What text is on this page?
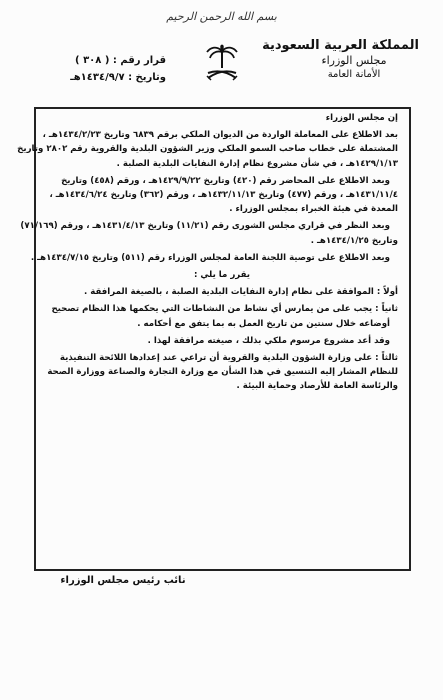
بسم الله الرحمن الرحيم
المملكة العربية السعودية
مجلس الوزراء
الأمانة العامة
قرار رقم : ( ٣٠٨ )
وتاريخ : ١٤٣٤/٩/٧هـ

إن مجلس الوزراء

بعد الاطلاع على المعاملة الواردة من الديوان الملكي برقم ٦٨٣٩ وتاريخ ١٤٣٤/٢/٢٣هـ ،

المشتملة على خطاب صاحب السمو الملكي وزير الشؤون البلدية والقروية رقم ٢٨٠٢ وتاريخ

١٤٢٩/١/١٣هـ ، في شأن مشروع نظام إدارة النفايات البلدية الصلبة .

وبعد الاطلاع على المحاضر رقم (٤٢٠) وتاريخ ١٤٢٩/٩/٢٢هـ ، ورقم (٤٥٨) وتاريخ

١٤٣١/١١/٤هـ ، ورقم (٤٧٧) وتاريخ ١٤٣٢/١١/١٣هـ ، ورقم (٣٦٢) وتاريخ ١٤٣٤/٦/٢٤هـ ،

المعدة في هيئة الخبراء بمجلس الوزراء .

وبعد النظر في قراري مجلس الشورى رقم (١١/٢١) وتاريخ ١٤٣١/٤/١٣هـ ، ورقم (٧١/١٦٩)

وتاريخ ١٤٣٤/١/٢٥هـ .

وبعد الاطلاع على توصية اللجنة العامة لمجلس الوزراء رقم (٥١١) وتاريخ ١٤٣٤/٧/١٥هـ .

يقرر ما يلي :

أولاً : الموافقة على نظام إدارة النفايات البلدية الصلبة ، بالصيغة المرافقة .

ثانياً : يجب على من يمارس أي نشاط من النشاطات التي يحكمها هذا النظام تصحيح

أوضاعه خلال سنتين من تاريخ العمل به بما يتفق مع أحكامه .

وقد أعد مشروع مرسوم ملكي بذلك ، صيغته مرافقة لهذا .

ثالثاً : على وزارة الشؤون البلدية والقروية أن تراعي عند إعدادها اللائحة التنفيذية

للنظام المشار إليه التنسيق في هذا الشأن مع وزارة التجارة والصناعة ووزارة الصحة

والرئاسة العامة للأرصاد وحماية البيئة .

نائب رئيس مجلس الوزراء
